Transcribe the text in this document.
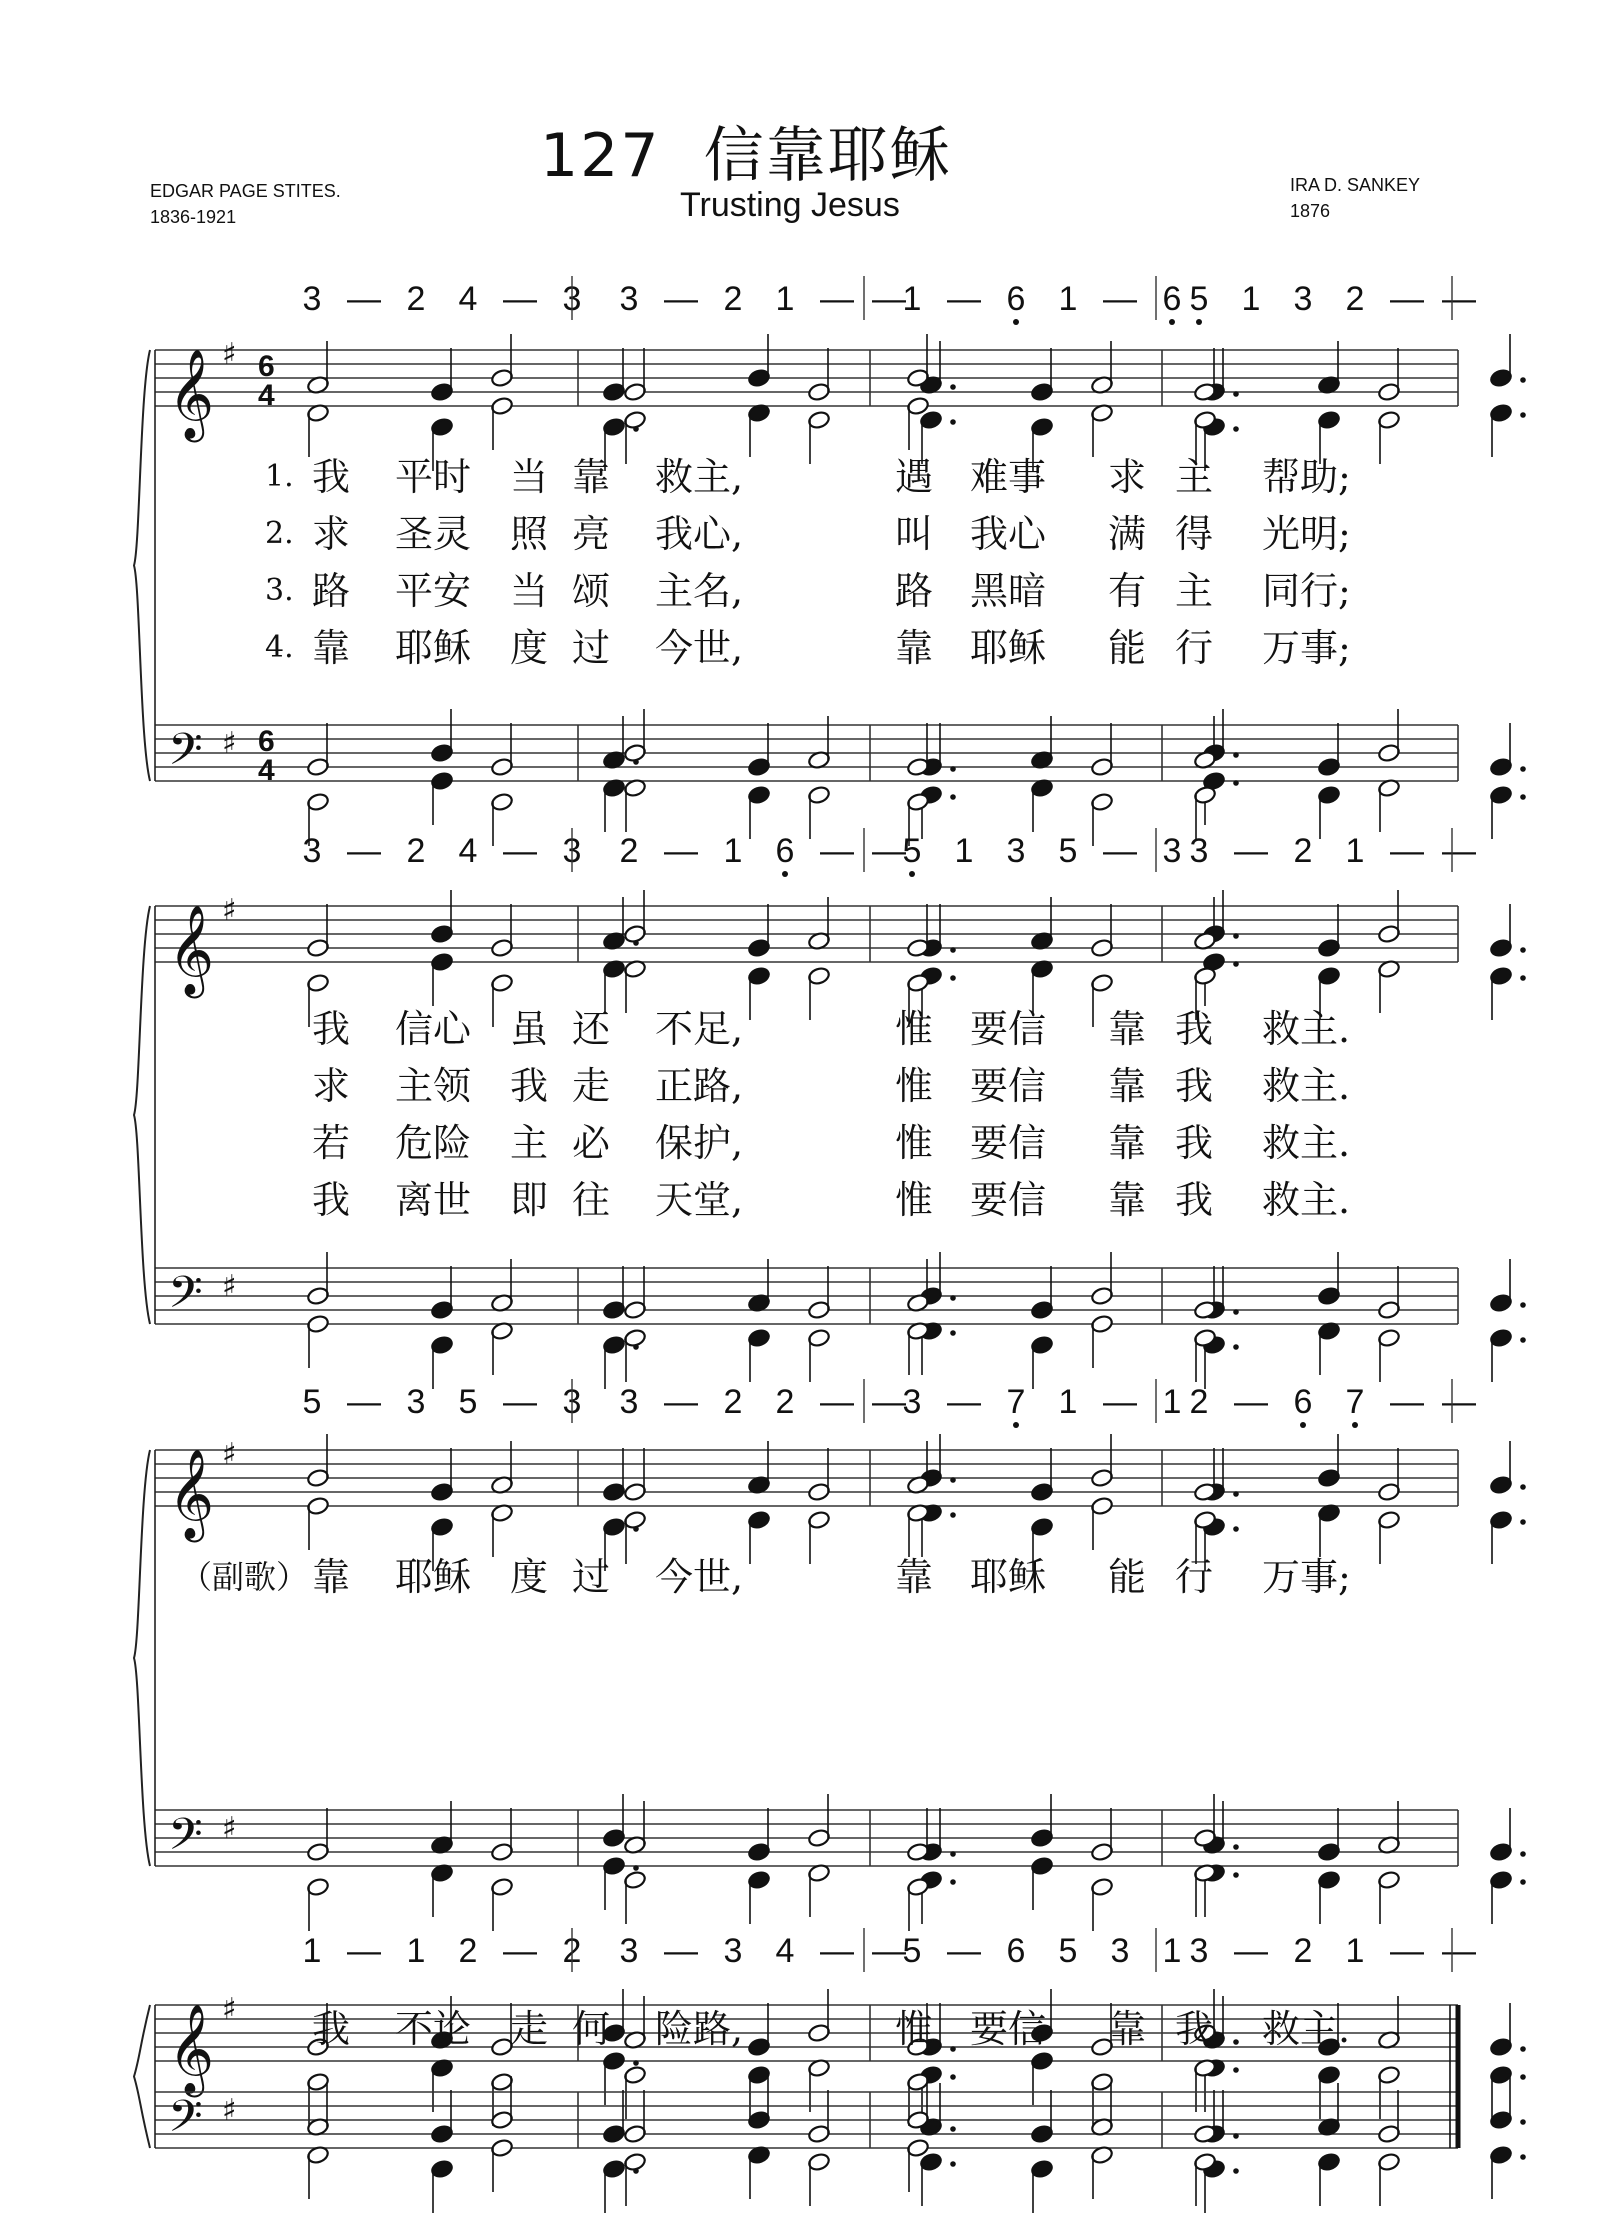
127 信靠耶稣
Trusting Jesus
EDGAR PAGE STITES.
1836-1921
IRA D. SANKEY
1876
3 — 2 4 — 3 3 — 2 1 — —
1 — 6 1 — 6 5 1 3 2 — —
𝄞 ♯ 6
4
𝄢 ♯ 6
4
3 — 2 4 — 3 2 — 1 6 — —
5 1 3 5 — 3 3 — 2 1 — —
𝄞 ♯
𝄢 ♯
5 — 3 5 — 3 3 — 2 2 — —
3 — 7 1 — 1 2 — 6 7 — —
𝄞 ♯
𝄢 ♯
1 — 1 2 — 2 3 — 3 4 — —
5 — 6 5 3 1 3 — 2 1 — —
𝄞 ♯
𝄢 ♯
1. 我 平时 当 靠 救主,	遇 难事 求 主 帮助;
2. 求 圣灵 照 亮 我心,	叫 我心 满 得 光明;
3. 路 平安 当 颂 主名,	路 黑暗 有 主 同行;
4. 靠 耶稣 度 过 今世,	靠 耶稣 能 行 万事;
我 信心 虽 还 不足,	惟 要信 靠 我 救主.
求 主领 我 走 正路,	惟 要信 靠 我 救主.
若 危险 主 必 保护,	惟 要信 靠 我 救主.
我 离世 即 往 天堂,	惟 要信 靠 我 救主.
（副歌） 靠 耶稣 度 过 今世,	靠 耶稣 能 行 万事;
我 不论 走 何 险路,	惟 要信 靠 我 救主.
